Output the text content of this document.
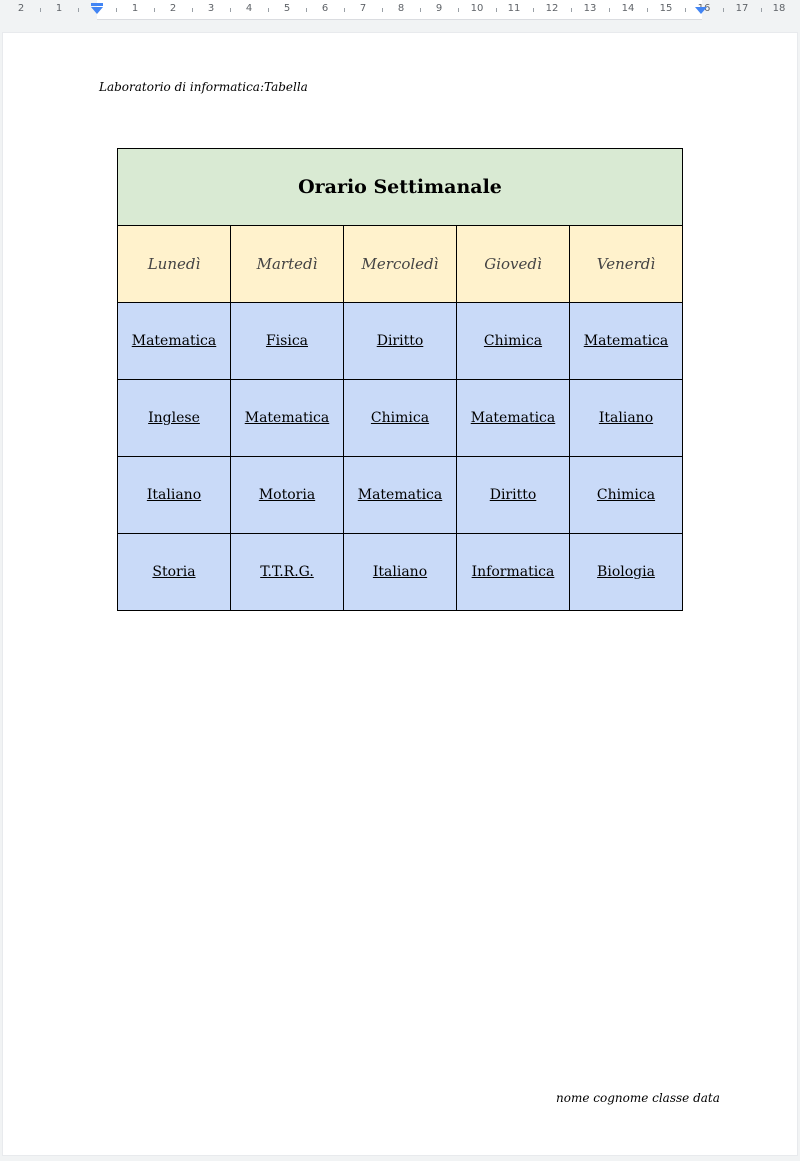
2	1	1	2	3	4	5	6	7	8	9	10 11	12	13	14	15	16	17 18
Laboratorio di informatica:Tabella
Orario Settimanale				
Lunedì	Martedì	Mercoledì	Giovedì	Venerdì
Matematica	Fisica	Diritto	Chimica	Matematica
Inglese	Matematica	Chimica	Matematica	Italiano
Italiano	Motoria	Matematica	Diritto	Chimica
Storia	T.T.R.G.	Italiano	Informatica	Biologia
nome cognome classe data
